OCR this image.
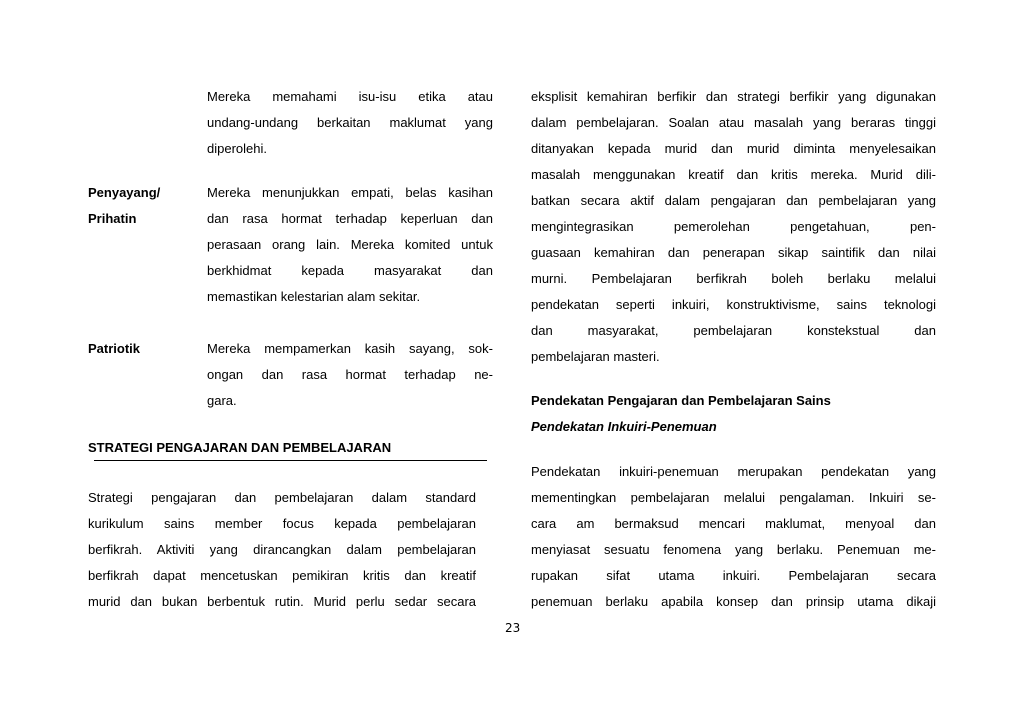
Mereka memahami isu-isu etika atau
undang-undang berkaitan maklumat yang
diperolehi.
Penyayang/
Prihatin
Mereka menunjukkan empati, belas kasihan
dan rasa hormat terhadap keperluan dan
perasaan orang lain. Mereka komited untuk
berkhidmat kepada masyarakat dan
memastikan kelestarian alam sekitar.
Patriotik	Mereka mempamerkan kasih sayang, sok-
ongan dan rasa hormat terhadap ne-
gara.
STRATEGI PENGAJARAN DAN PEMBELAJARAN
Strategi pengajaran dan pembelajaran dalam standard
kurikulum sains member focus kepada pembelajaran
berfikrah. Aktiviti yang dirancangkan dalam pembelajaran
berfikrah dapat mencetuskan pemikiran kritis dan kreatif
murid dan bukan berbentuk rutin. Murid perlu sedar secara
eksplisit kemahiran berfikir dan strategi berfikir yang digunakan
dalam pembelajaran. Soalan atau masalah yang beraras tinggi
ditanyakan kepada murid dan murid diminta menyelesaikan
masalah menggunakan kreatif dan kritis mereka. Murid dili-
batkan secara aktif dalam pengajaran dan pembelajaran yang
mengintegrasikan pemerolehan pengetahuan, pen-
guasaan kemahiran dan penerapan sikap saintifik dan nilai
murni. Pembelajaran berfikrah boleh berlaku melalui
pendekatan seperti inkuiri, konstruktivisme, sains teknologi
dan masyarakat, pembelajaran konstekstual dan
pembelajaran masteri.
Pendekatan Pengajaran dan Pembelajaran Sains
Pendekatan Inkuiri-Penemuan
Pendekatan inkuiri-penemuan merupakan pendekatan yang
mementingkan pembelajaran melalui pengalaman. Inkuiri se-
cara am bermaksud mencari maklumat, menyoal dan
menyiasat sesuatu fenomena yang berlaku. Penemuan me-
rupakan sifat utama inkuiri. Pembelajaran secara
penemuan berlaku apabila konsep dan prinsip utama dikaji
23
